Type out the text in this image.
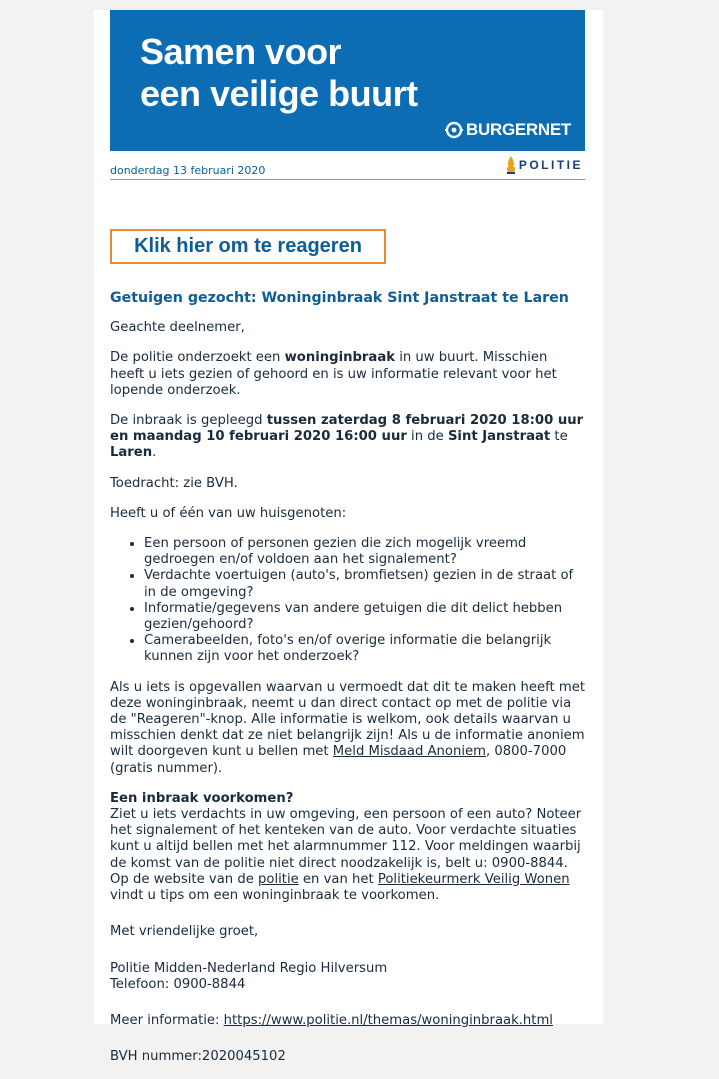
Samen voor
een veilige buurt
BURGERNET
donderdag 13 februari 2020	POLITIE
Klik hier om te reageren
Getuigen gezocht: Woninginbraak Sint Janstraat te Laren

Geachte deelnemer,

De politie onderzoekt een woninginbraak in uw buurt. Misschien heeft u iets gezien of gehoord en is uw informatie relevant voor het lopende onderzoek.

De inbraak is gepleegd tussen zaterdag 8 februari 2020 18:00 uur en maandag 10 februari 2020 16:00 uur in de Sint Janstraat te Laren.

Toedracht: zie BVH.

Heeft u of één van uw huisgenoten:

• Een persoon of personen gezien die zich mogelijk vreemd gedroegen en/of voldoen aan het signalement?
• Verdachte voertuigen (auto's, bromfietsen) gezien in de straat of in de omgeving?
• Informatie/gegevens van andere getuigen die dit delict hebben gezien/gehoord?
• Camerabeelden, foto's en/of overige informatie die belangrijk kunnen zijn voor het onderzoek?

Als u iets is opgevallen waarvan u vermoedt dat dit te maken heeft met deze woninginbraak, neemt u dan direct contact op met de politie via de "Reageren"-knop. Alle informatie is welkom, ook details waarvan u misschien denkt dat ze niet belangrijk zijn! Als u de informatie anoniem wilt doorgeven kunt u bellen met Meld Misdaad Anoniem, 0800-7000 (gratis nummer).

Een inbraak voorkomen?
Ziet u iets verdachts in uw omgeving, een persoon of een auto? Noteer het signalement of het kenteken van de auto. Voor verdachte situaties kunt u altijd bellen met het alarmnummer 112. Voor meldingen waarbij de komst van de politie niet direct noodzakelijk is, belt u: 0900-8844. Op de website van de politie en van het Politiekeurmerk Veilig Wonen vindt u tips om een woninginbraak te voorkomen.

Met vriendelijke groet,

Politie Midden-Nederland Regio Hilversum
Telefoon: 0900-8844

Meer informatie: https://www.politie.nl/themas/woninginbraak.html

BVH nummer:2020045102
